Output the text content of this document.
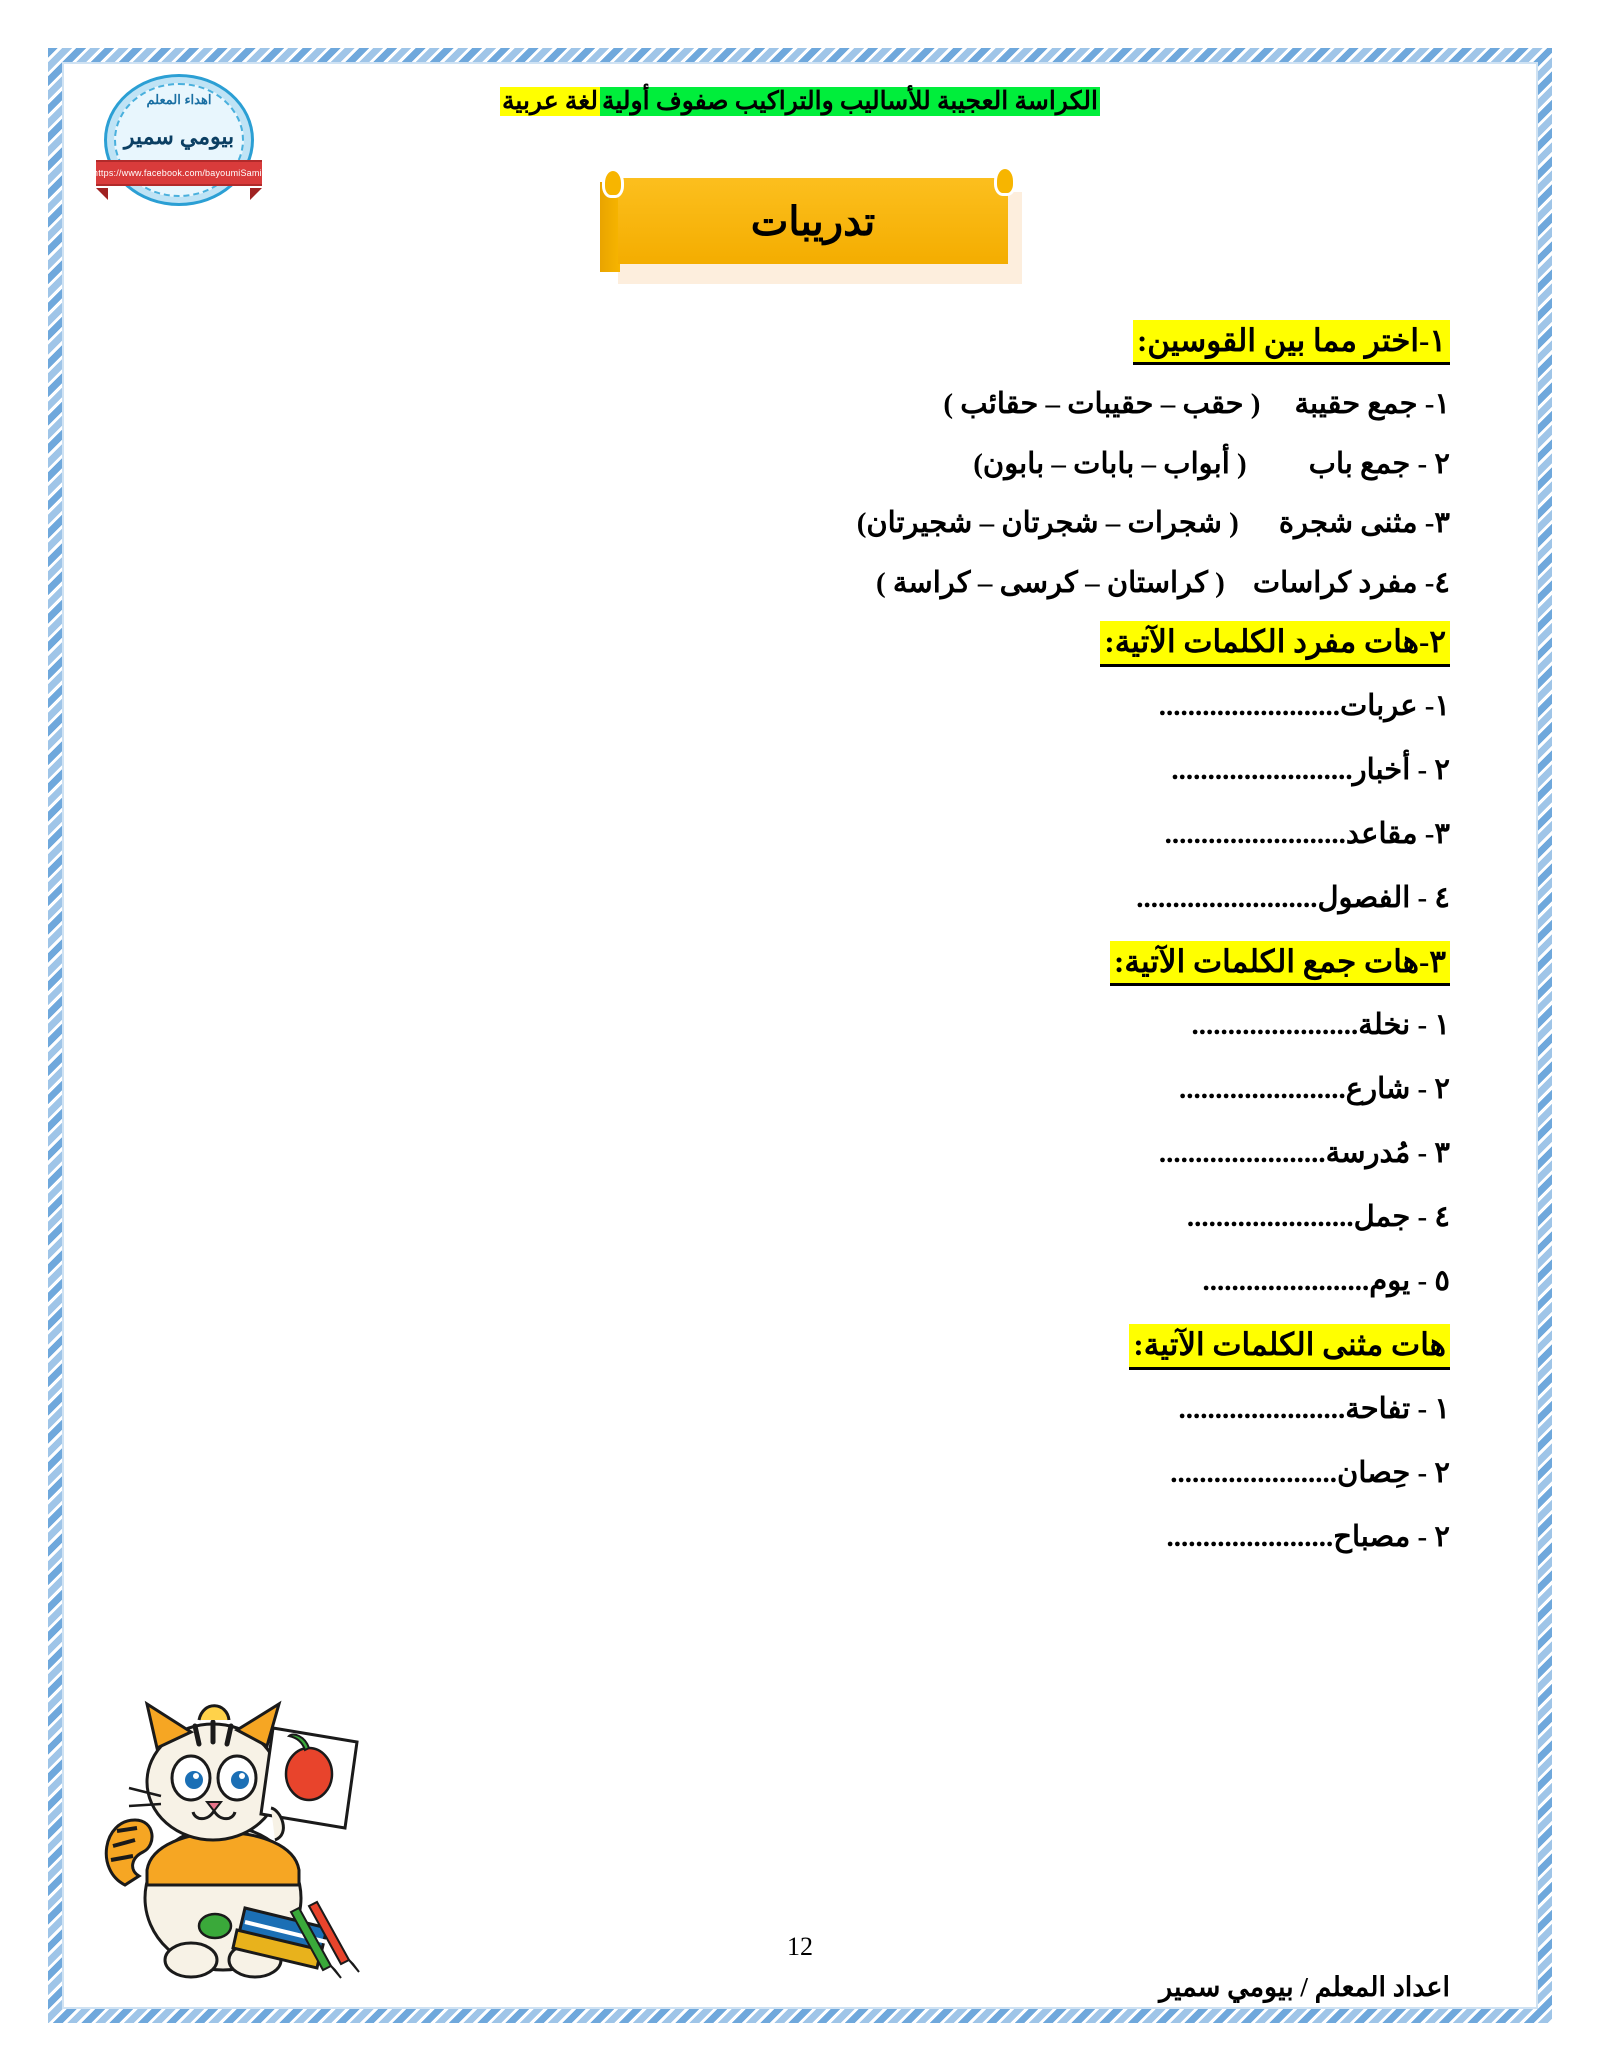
اهداء المعلم
بيومي سمير
https://www.facebook.com/bayoumiSamir
الكراسة العجيبة للأساليب والتراكيب صفوف أوليةلغة عربية
تدريبات
١-اختر مما بين القوسين:
١- جمع حقيبة( حقب – حقيبات – حقائب )
٢ - جمع باب( أبواب – بابات – بابون)
٣- مثنى شجرة( شجرات – شجرتان – شجيرتان)
٤- مفرد كراسات( كراستان – كرسى – كراسة )
٢-هات مفرد الكلمات الآتية:
١- عربات.........................
٢ - أخبار.........................
٣- مقاعد.........................
٤ - الفصول.........................
٣-هات جمع الكلمات الآتية:
١ - نخلة.......................
٢ - شارع.......................
٣ - مُدرسة.......................
٤ - جمل.......................
٥ - يوم.......................
هات مثنى الكلمات الآتية:
١ - تفاحة.......................
٢ - حِصان.......................
٢ - مصباح.......................
12
اعداد المعلم / بيومي سمير
